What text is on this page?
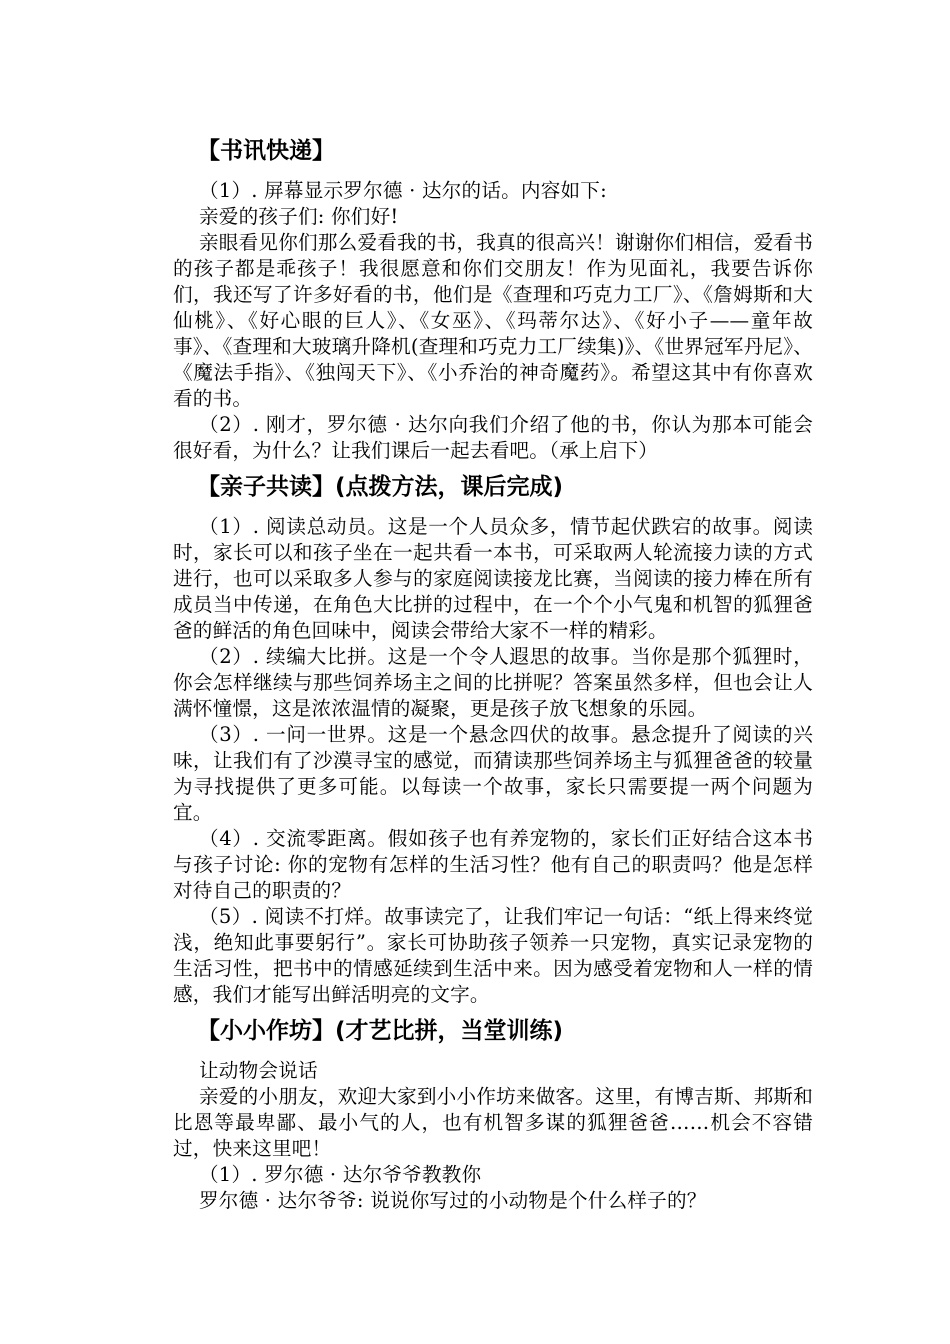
【书讯快递】

（1）. 屏幕显示罗尔德 · 达尔的话。内容如下:

亲爱的孩子们: 你们好!

亲眼看见你们那么爱看我的书，我真的很高兴！谢谢你们相信，爱看书的孩子都是乖孩子！我很愿意和你们交朋友！作为见面礼，我要告诉你们，我还写了许多好看的书，他们是《查理和巧克力工厂》、《詹姆斯和大仙桃》、《好心眼的巨人》、《女巫》、《玛蒂尔达》、《好小子——童年故事》、《查理和大玻璃升降机(查理和巧克力工厂续集)》、《世界冠军丹尼》、《魔法手指》、《独闯天下》、《小乔治的神奇魔药》。希望这其中有你喜欢看的书。

（2）. 刚才，罗尔德 · 达尔向我们介绍了他的书，你认为那本可能会很好看，为什么？让我们课后一起去看吧。（承上启下）

【亲子共读】(点拨方法，课后完成)

（1）. 阅读总动员。这是一个人员众多，情节起伏跌宕的故事。阅读时，家长可以和孩子坐在一起共看一本书，可采取两人轮流接力读的方式进行，也可以采取多人参与的家庭阅读接龙比赛，当阅读的接力棒在所有成员当中传递，在角色大比拼的过程中，在一个个小气鬼和机智的狐狸爸爸的鲜活的角色回味中，阅读会带给大家不一样的精彩。

（2）. 续编大比拼。这是一个令人遐思的故事。当你是那个狐狸时，你会怎样继续与那些饲养场主之间的比拼呢？答案虽然多样，但也会让人满怀憧憬，这是浓浓温情的凝聚，更是孩子放飞想象的乐园。

（3）. 一问一世界。这是一个悬念四伏的故事。悬念提升了阅读的兴味，让我们有了沙漠寻宝的感觉，而猜读那些饲养场主与狐狸爸爸的较量为寻找提供了更多可能。以每读一个故事，家长只需要提一两个问题为宜。

（4）. 交流零距离。假如孩子也有养宠物的，家长们正好结合这本书与孩子讨论: 你的宠物有怎样的生活习性？他有自己的职责吗？他是怎样对待自己的职责的？

（5）. 阅读不打烊。故事读完了，让我们牢记一句话：“纸上得来终觉浅，绝知此事要躬行”。家长可协助孩子领养一只宠物，真实记录宠物的生活习性，把书中的情感延续到生活中来。因为感受着宠物和人一样的情感，我们才能写出鲜活明亮的文字。

【小小作坊】(才艺比拼，当堂训练)

让动物会说话

亲爱的小朋友，欢迎大家到小小作坊来做客。这里，有博吉斯、邦斯和比恩等最卑鄙、最小气的人，也有机智多谋的狐狸爸爸……机会不容错过，快来这里吧！

（1）. 罗尔德 · 达尔爷爷教教你

罗尔德 · 达尔爷爷: 说说你写过的小动物是个什么样子的？
